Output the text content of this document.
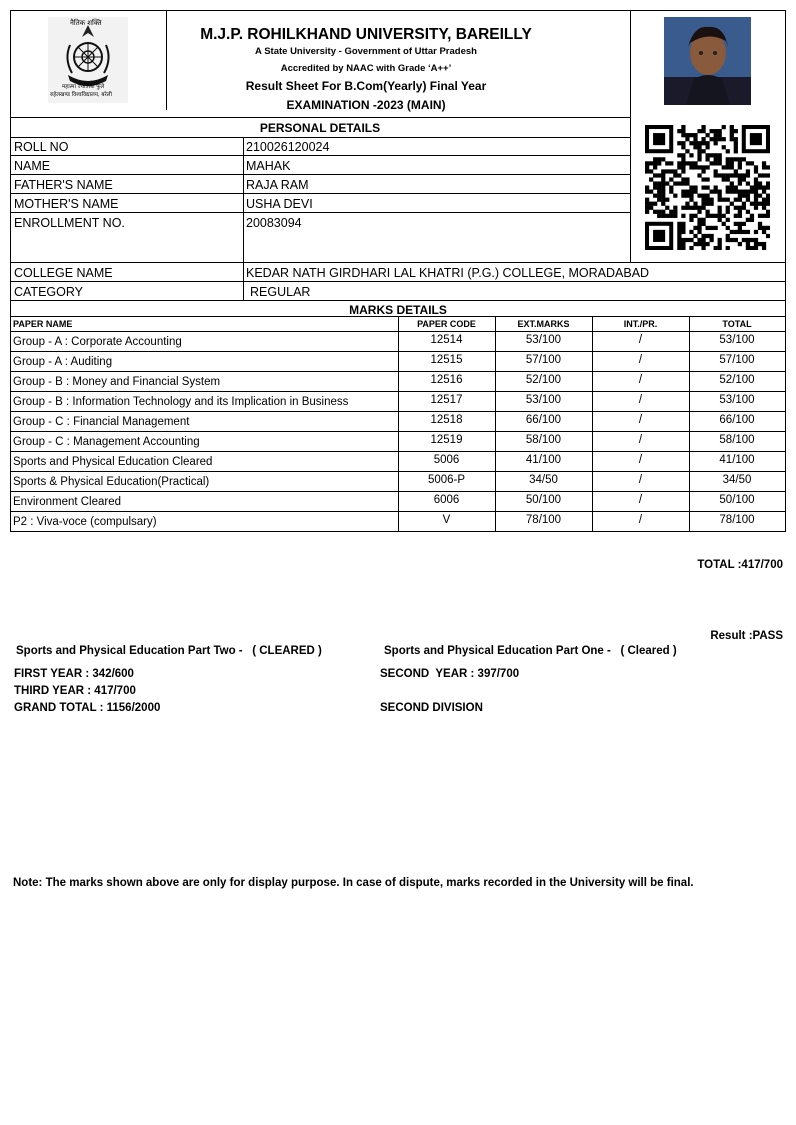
नैतिक शक्ति
महात्मा ज्योतिबा फुले
रुहेलखण्ड विश्वविद्यालय, बरेली
M.J.P. ROHILKHAND UNIVERSITY, BAREILLY
A State University - Government of Uttar Pradesh
Accredited by NAAC with Grade ‘A++’
Result Sheet For B.Com(Yearly) Final Year
EXAMINATION -2023 (MAIN)
PERSONAL DETAILS
ROLL NO	210026120024
NAME	MAHAK
FATHER'S NAME	RAJA RAM
MOTHER'S NAME	USHA DEVI
ENROLLMENT NO.	20083094
COLLEGE NAME	KEDAR NATH GIRDHARI LAL KHATRI (P.G.) COLLEGE, MORADABAD
CATEGORY	REGULAR
MARKS DETAILS
PAPER NAME	PAPER CODE	EXT.MARKS	INT./PR.	TOTAL
Group - A : Corporate Accounting	12514	53/100	/	53/100
Group - A : Auditing	12515	57/100	/	57/100
Group - B : Money and Financial System	12516	52/100	/	52/100
Group - B : Information Technology and its Implication in Business	12517	53/100	/	53/100
Group - C : Financial Management	12518	66/100	/	66/100
Group - C : Management Accounting	12519	58/100	/	58/100
Sports and Physical Education Cleared	5006	41/100	/	41/100
Sports & Physical Education(Practical)	5006-P	34/50	/	34/50
Environment Cleared	6006	50/100	/	50/100
P2 : Viva-voce (compulsary)	V	78/100	/	78/100
TOTAL :417/700
Result :PASS
Sports and Physical Education Part Two -   ( CLEARED )	Sports and Physical Education Part One -   ( Cleared )
FIRST YEAR : 342/600	SECOND  YEAR : 397/700
THIRD YEAR : 417/700
GRAND TOTAL : 1156/2000	SECOND DIVISION
Note: The marks shown above are only for display purpose. In case of dispute, marks recorded in the University will be final.
